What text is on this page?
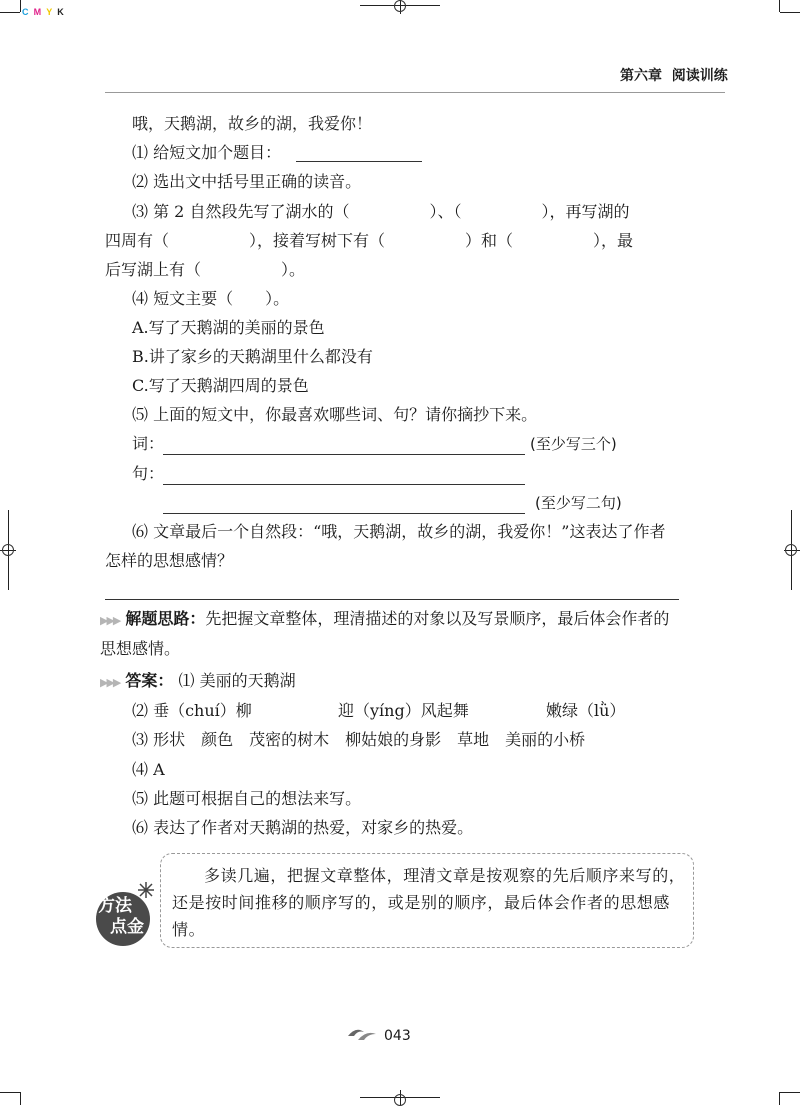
C M Y K
第六章 阅读训练
哦，天鹅湖，故乡的湖，我爱你！
⑴ 给短文加个题目：
⑵ 选出文中括号里正确的读音。
⑶ 第 2 自然段先写了湖水的（　　　　　）、（　　　　　），再写湖的
四周有（　　　　　），接着写树下有（　　　　　）和（　　　　　），最
后写湖上有（　　　　　）。
⑷ 短文主要（　　）。
A.写了天鹅湖的美丽的景色
B.讲了家乡的天鹅湖里什么都没有
C.写了天鹅湖四周的景色
⑸ 上面的短文中，你最喜欢哪些词、句？请你摘抄下来。
词：	(至少写三个)
句：
(至少写二句)
⑹ 文章最后一个自然段：“哦，天鹅湖，故乡的湖，我爱你！”这表达了作者
怎样的思想感情？
▶▶▶ 解题思路：先把握文章整体，理清描述的对象以及写景顺序，最后体会作者的
思想感情。
▶▶▶ 答案： ⑴ 美丽的天鹅湖
⑵ 垂（chuí）柳	迎（yíng）风起舞	嫩绿（lǜ）
⑶ 形状　颜色　茂密的树木　柳姑娘的身影　草地　美丽的小桥
⑷ A
⑸ 此题可根据自己的想法来写。
⑹ 表达了作者对天鹅湖的热爱，对家乡的热爱。
多读几遍，把握文章整体，理清文章是按观察的先后顺序来写的，还是按时间推移的顺序写的，或是别的顺序，最后体会作者的思想感情。
方法
点金
043
